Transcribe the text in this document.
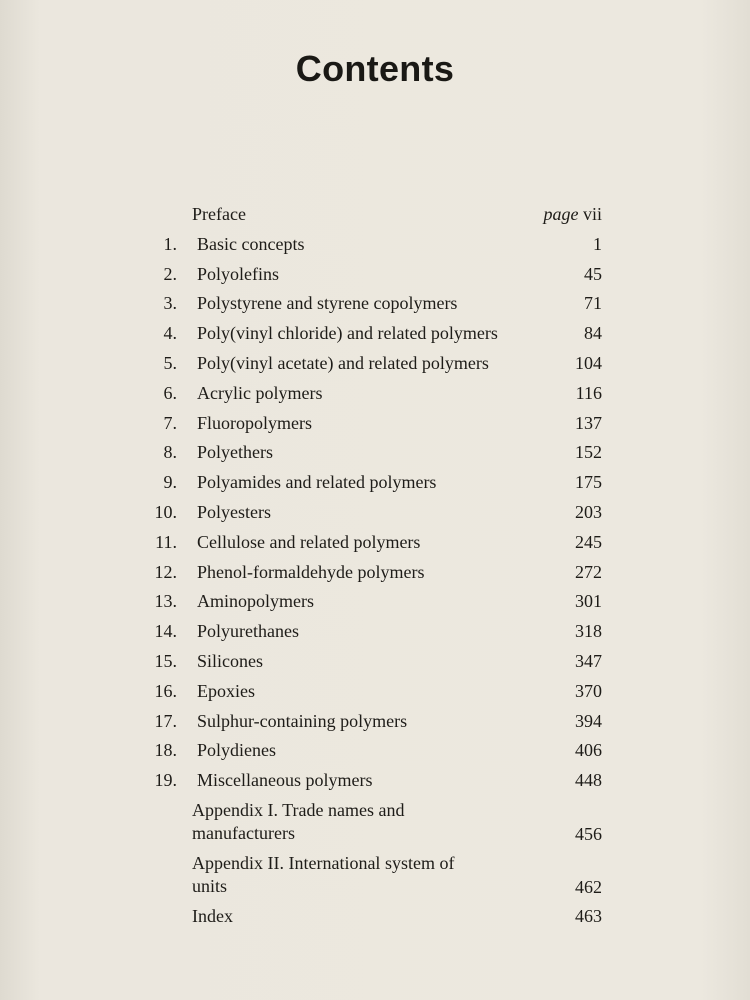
Contents
Preface	page vii
1. Basic concepts	1
2. Polyolefins	45
3. Polystyrene and styrene copolymers	71
4. Poly(vinyl chloride) and related polymers	84
5. Poly(vinyl acetate) and related polymers	104
6. Acrylic polymers	116
7. Fluoropolymers	137
8. Polyethers	152
9. Polyamides and related polymers	175
10. Polyesters	203
11. Cellulose and related polymers	245
12. Phenol-formaldehyde polymers	272
13. Aminopolymers	301
14. Polyurethanes	318
15. Silicones	347
16. Epoxies	370
17. Sulphur-containing polymers	394
18. Polydienes	406
19. Miscellaneous polymers	448
Appendix I. Trade names and
manufacturers	456
Appendix II. International system of
units	462
Index	463
